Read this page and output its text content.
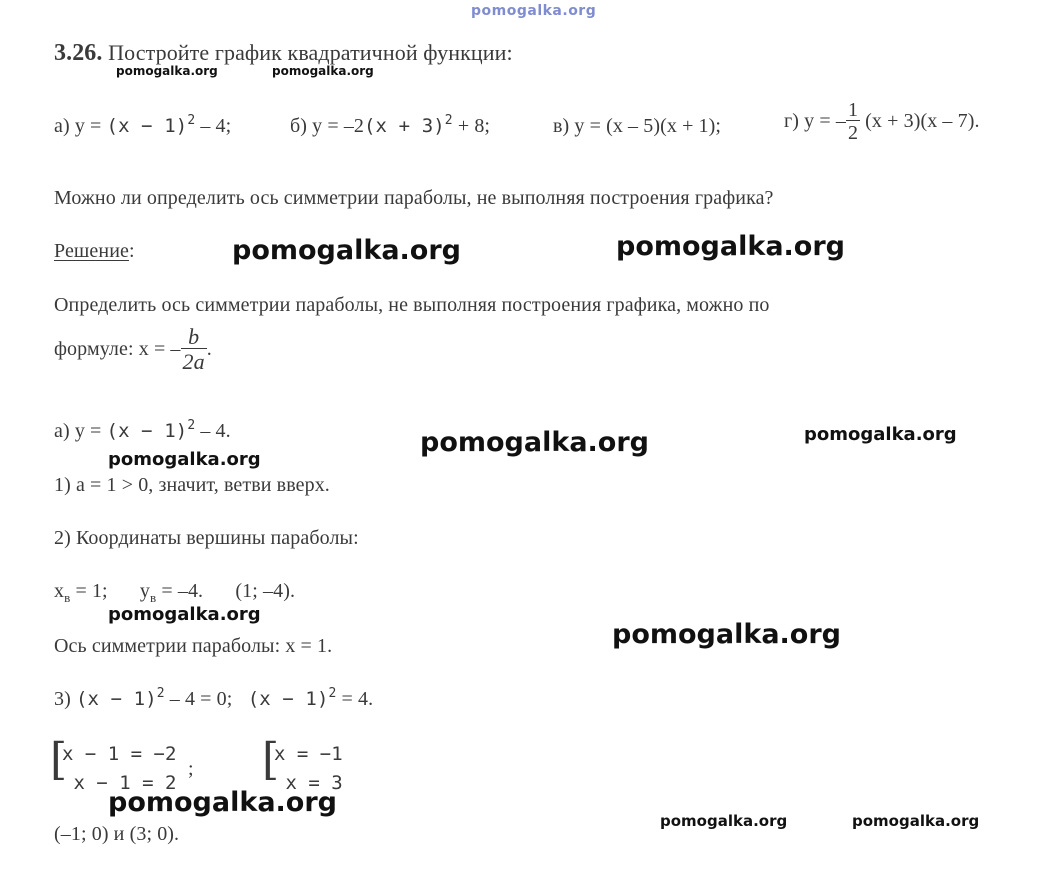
pomogalka.org
3.26. Постройте график квадратичной функции:
pomogalka.org	pomogalka.org
а) $у = (x - 1)^2 - 4$;	б) $у = -2(x + 3)^2 + 8$;	в) у = (х – 5)(х + 1);	г) у = – $\frac{1}{2} (х + 3)(х - 7)$.
Можно ли определить ось симметрии параболы, не выполняя построения графика?
Решение:	pomogalka.org	pomogalka.org
Определить ось симметрии параболы, не выполняя построения графика, можно по
формуле: х = – $\frac{b}{2a}$ .
а) $у = (x - 1)^2 - 4$.	pomogalka.org	pomogalka.org
pomogalka.org
1) а = 1 > 0, значит, ветви вверх.
2) Координаты вершины параболы:
$х_в = 1$; $у_в = -4$. (1; –4).
pomogalka.org
pomogalka.org
Ось симметрии параболы: х = 1.
3) $(x - 1)^2 - 4 = 0$;   $(x - 1)^2 = 4$.
[
x − 1 = −2
x − 1 = 2
; [
x = −1
x = 3
pomogalka.org
(–1; 0) и (3; 0).
pomogalka.org	pomogalka.org
